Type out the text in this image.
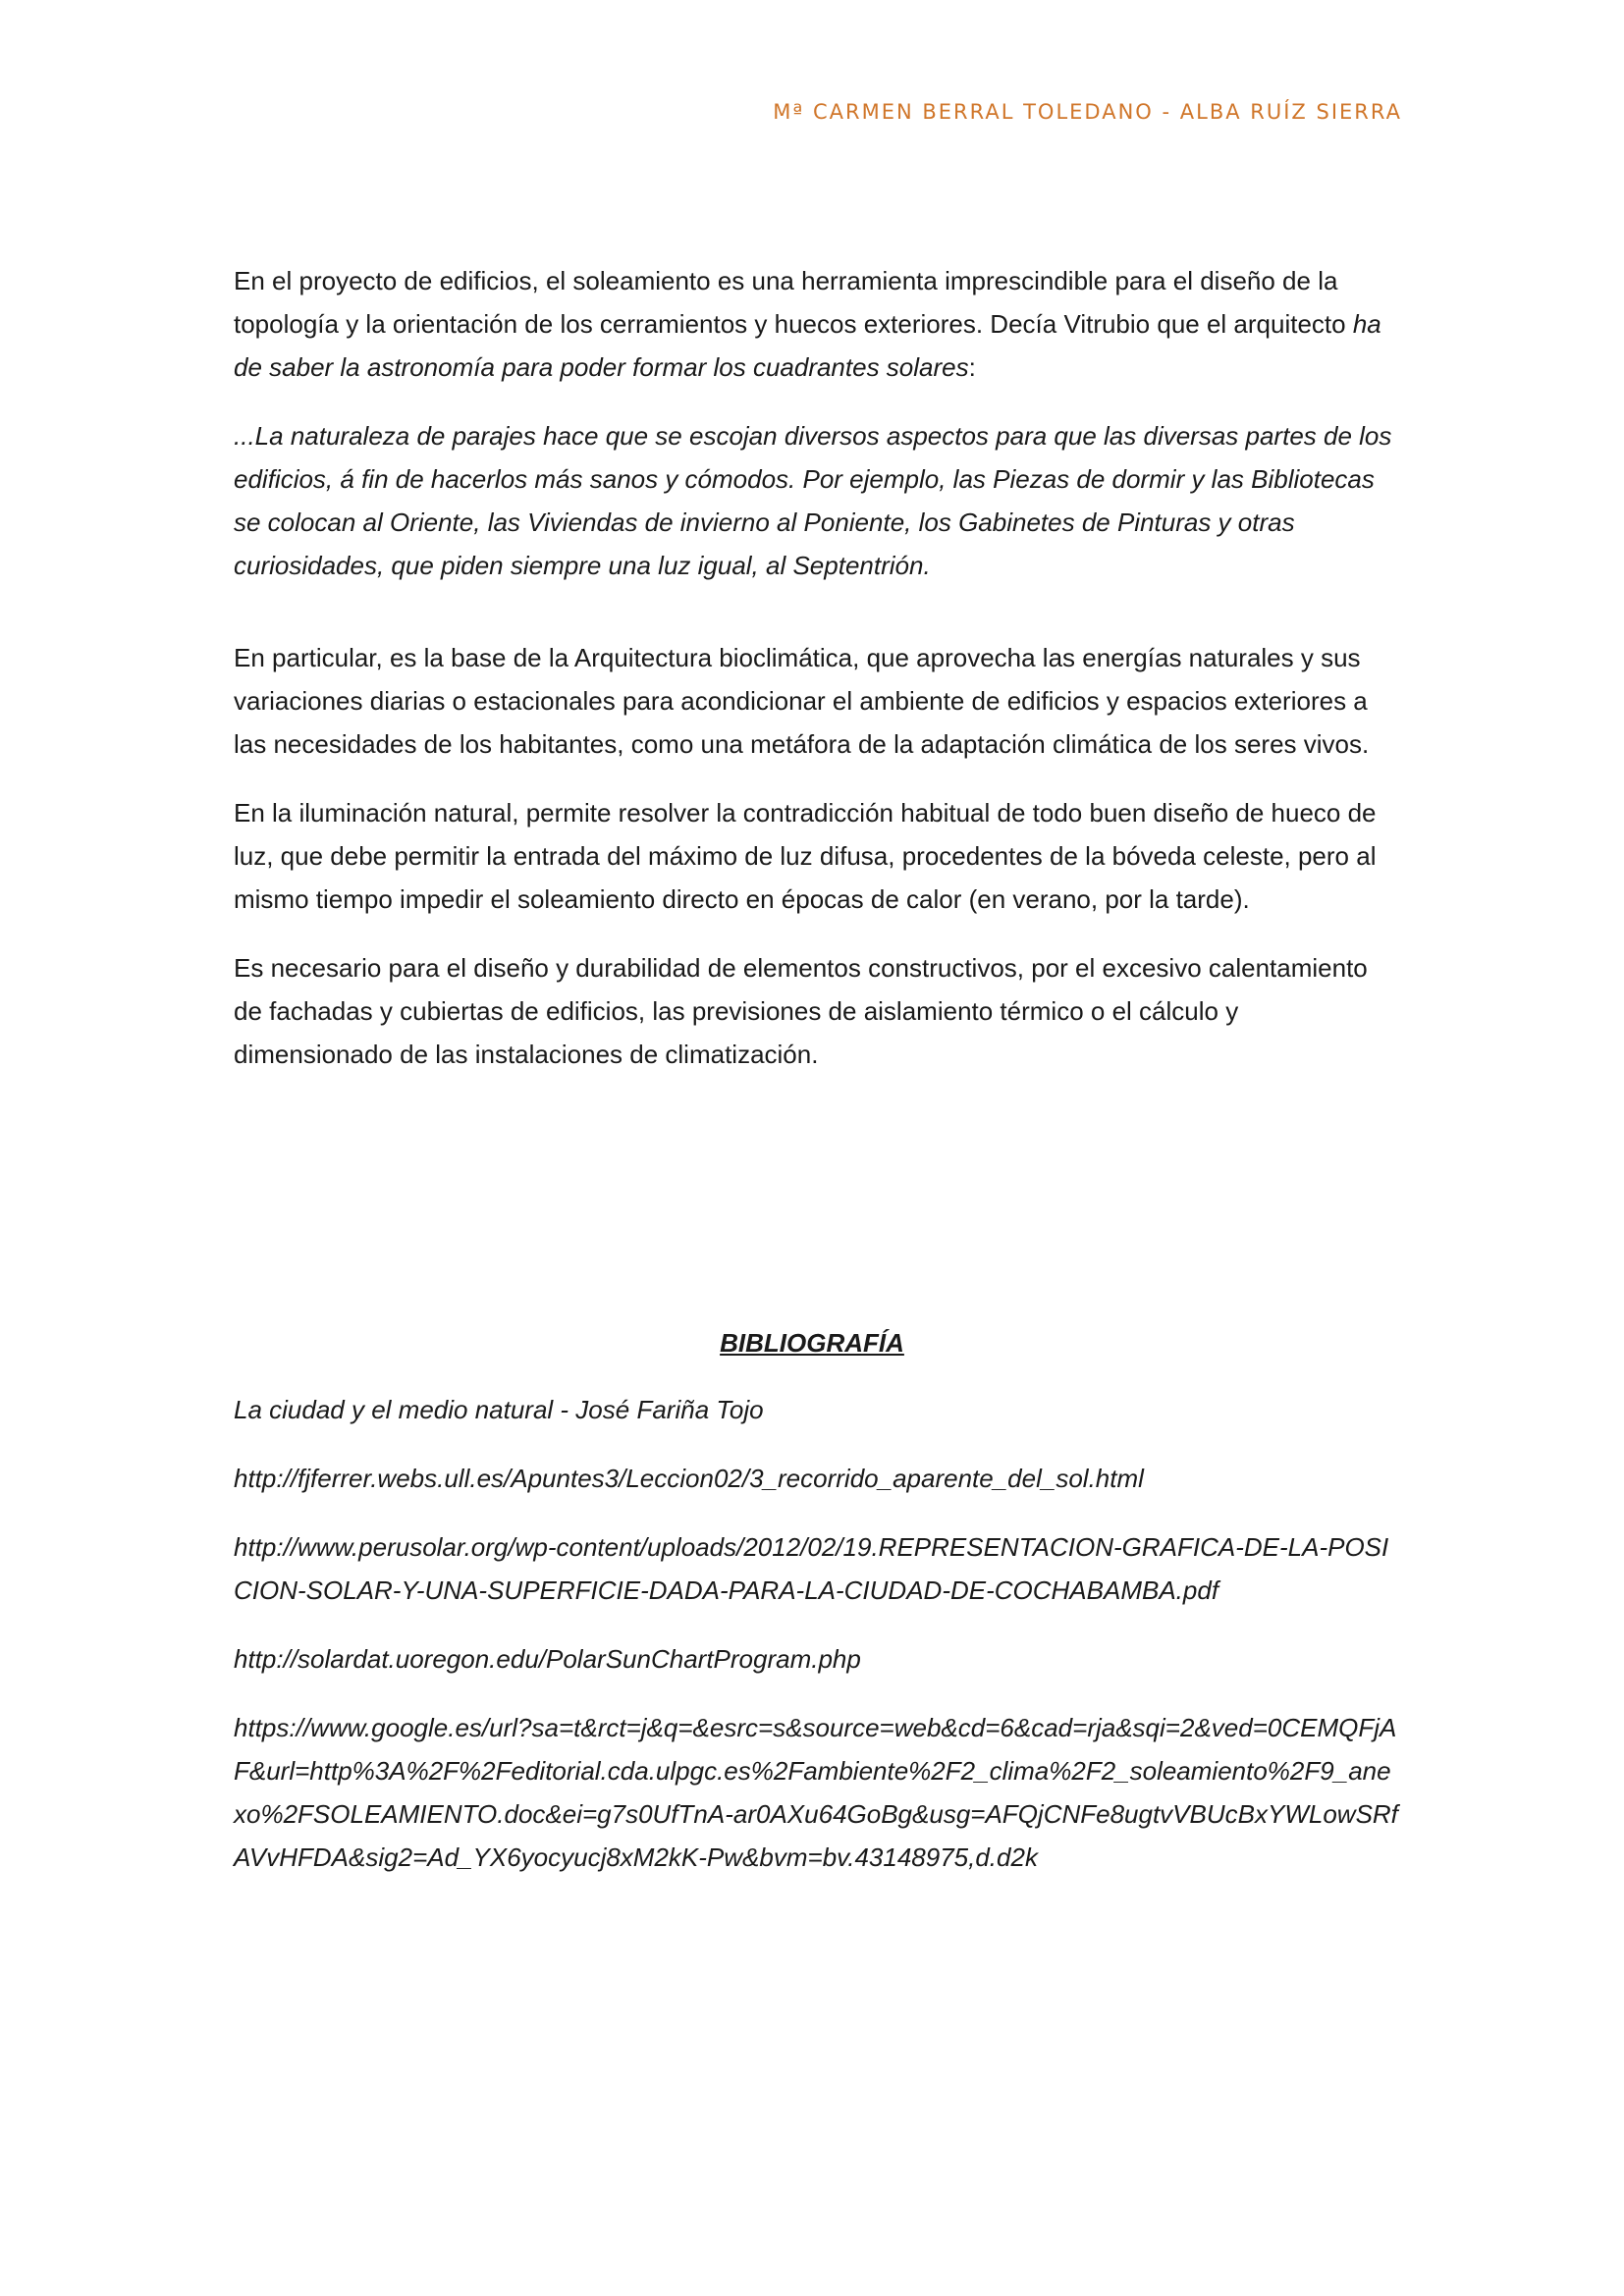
Mª CARMEN BERRAL TOLEDANO - ALBA RUÍZ SIERRA

En el proyecto de edificios, el soleamiento es una herramienta imprescindible para el diseño de la topología y la orientación de los cerramientos y huecos exteriores. Decía Vitrubio que el arquitecto ha de saber la astronomía para poder formar los cuadrantes solares:

...La naturaleza de parajes hace que se escojan diversos aspectos para que las diversas partes de los edificios, á fin de hacerlos más sanos y cómodos. Por ejemplo, las Piezas de dormir y las Bibliotecas se colocan al Oriente, las Viviendas de invierno al Poniente, los Gabinetes de Pinturas y otras curiosidades, que piden siempre una luz igual, al Septentrión.

En particular, es la base de la Arquitectura bioclimática, que aprovecha las energías naturales y sus variaciones diarias o estacionales para acondicionar el ambiente de edificios y espacios exteriores a las necesidades de los habitantes, como una metáfora de la adaptación climática de los seres vivos.

En la iluminación natural, permite resolver la contradicción habitual de todo buen diseño de hueco de luz, que debe permitir la entrada del máximo de luz difusa, procedentes de la bóveda celeste, pero al mismo tiempo impedir el soleamiento directo en épocas de calor (en verano, por la tarde).

Es necesario para el diseño y durabilidad de elementos constructivos, por el excesivo calentamiento de fachadas y cubiertas de edificios, las previsiones de aislamiento térmico o el cálculo y dimensionado de las instalaciones de climatización.

BIBLIOGRAFÍA
La ciudad y el medio natural - José Fariña Tojo
http://fjferrer.webs.ull.es/Apuntes3/Leccion02/3_recorrido_aparente_del_sol.html
http://www.perusolar.org/wp-content/uploads/2012/02/19.REPRESENTACION-GRAFICA-DE-LA-POSICION-SOLAR-Y-UNA-SUPERFICIE-DADA-PARA-LA-CIUDAD-DE-COCHABAMBA.pdf
http://solardat.uoregon.edu/PolarSunChartProgram.php
https://www.google.es/url?sa=t&rct=j&q=&esrc=s&source=web&cd=6&cad=rja&sqi=2&ved=0CEMQFjAF&url=http%3A%2F%2Feditorial.cda.ulpgc.es%2Fambiente%2F2_clima%2F2_soleamiento%2F9_anexo%2FSOLEAMIENTO.doc&ei=g7s0UfTnA-ar0AXu64GoBg&usg=AFQjCNFe8ugtvVBUcBxYWLowSRfAVvHFDA&sig2=Ad_YX6yocyucj8xM2kK-Pw&bvm=bv.43148975,d.d2k
